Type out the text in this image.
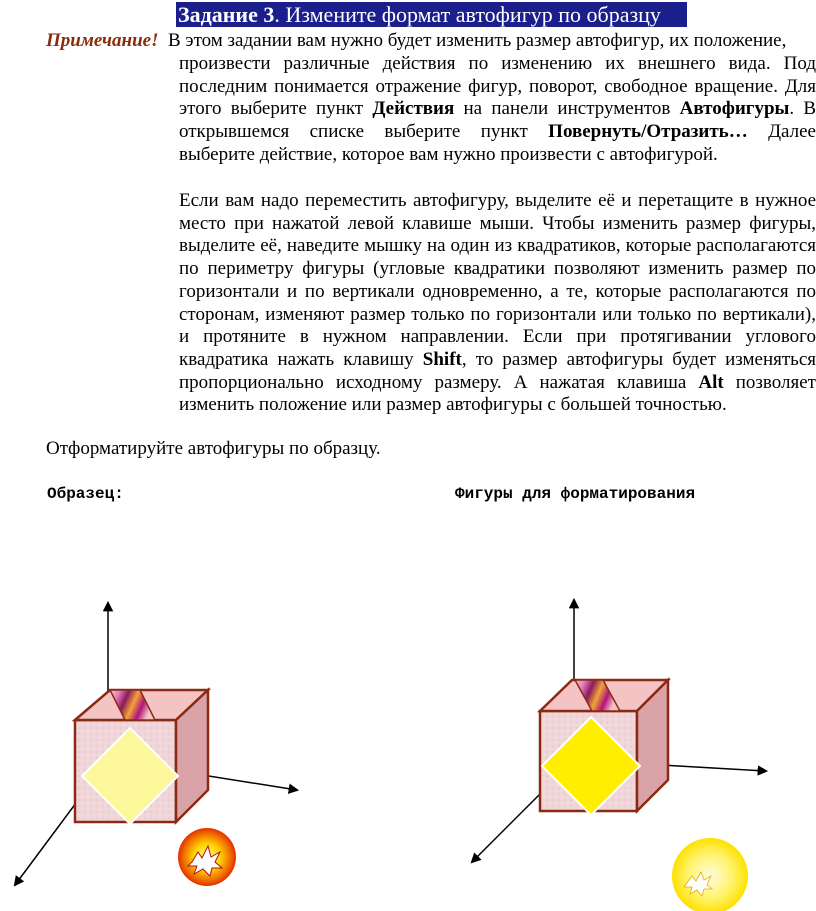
Задание 3. Измените формат автофигур по образцу
Примечание! В этом задании вам нужно будет изменить размер автофигур, их положение,
произвести различные действия по изменению их внешнего вида. Под последним понимается отражение фигур, поворот, свободное вращение. Для этого выберите пункт Действия на панели инструментов Автофигуры. В открывшемся списке выберите пункт Повернуть/Отразить… Далее выберите действие, которое вам нужно произвести с автофигурой.
Если вам надо переместить автофигуру, выделите её и перетащите в нужное место при нажатой левой клавише мыши. Чтобы изменить размер фигуры, выделите её, наведите мышку на один из квадратиков, которые располагаются по периметру фигуры (угловые квадратики позволяют изменить размер по горизонтали и по вертикали одновременно, а те, которые располагаются по сторонам, изменяют размер только по горизонтали или только по вертикали), и протяните в нужном направлении. Если при протягивании углового квадратика нажать клавишу Shift, то размер автофигуры будет изменяться пропорционально исходному размеру. А нажатая клавиша Alt позволяет изменить положение или размер автофигуры с большей точностью.
Отформатируйте автофигуры по образцу.
Образец:	Фигуры для форматирования
